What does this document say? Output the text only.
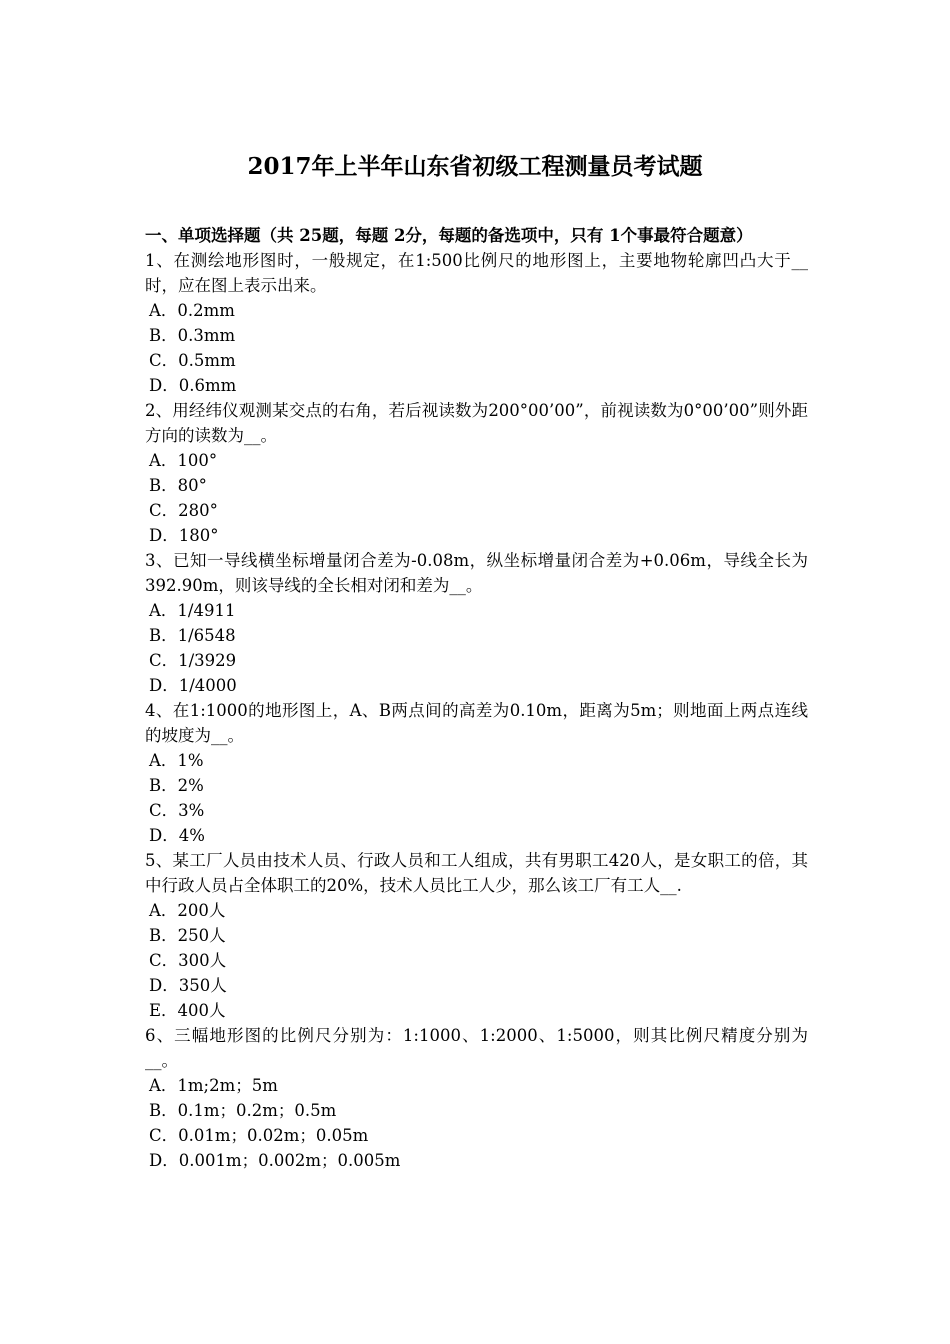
2017年上半年山东省初级工程测量员考试题
一、单项选择题（共 25题，每题 2分，每题的备选项中，只有 1个事最符合题意）
1、在测绘地形图时，一般规定，在1:500比例尺的地形图上，主要地物轮廓凹凸大于__时，应在图上表示出来。
A．0.2mm
B．0.3mm
C．0.5mm
D．0.6mm
2、用经纬仪观测某交点的右角，若后视读数为200°00’00”，前视读数为0°00’00”则外距方向的读数为__。
A．100°
B．80°
C．280°
D．180°
3、已知一导线横坐标增量闭合差为-0.08m，纵坐标增量闭合差为+0.06m，导线全长为392.90m，则该导线的全长相对闭和差为__。
A．1/4911
B．1/6548
C．1/3929
D．1/4000
4、在1:1000的地形图上，A、B两点间的高差为0.10m，距离为5m；则地面上两点连线的坡度为__。
A．1%
B．2%
C．3%
D．4%
5、某工厂人员由技术人员、行政人员和工人组成，共有男职工420人，是女职工的倍，其中行政人员占全体职工的20%，技术人员比工人少，那么该工厂有工人__.
A．200人
B．250人
C．300人
D．350人
E．400人
6、三幅地形图的比例尺分别为：1:1000、1:2000、1:5000，则其比例尺精度分别为__。
A．1m;2m；5m
B．0.1m；0.2m；0.5m
C．0.01m；0.02m；0.05m
D．0.001m；0.002m；0.005m
